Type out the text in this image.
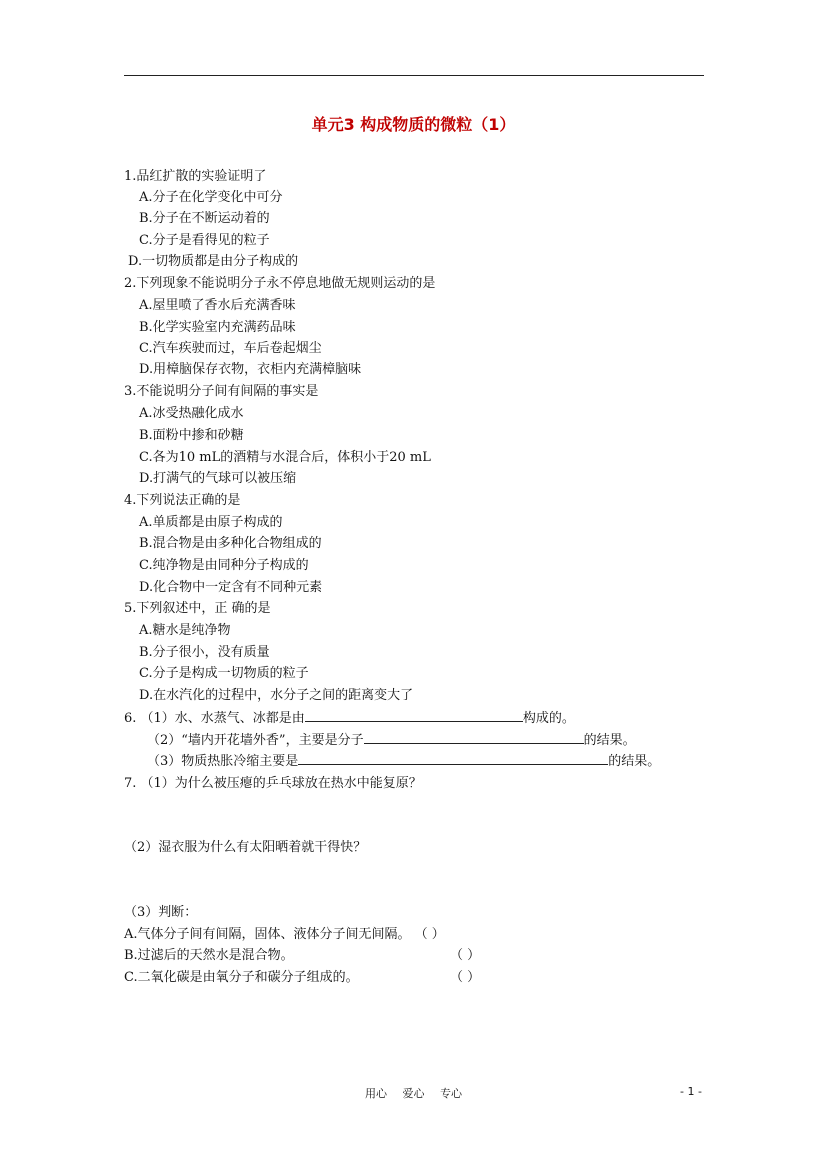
单元3 构成物质的微粒（1）
1.品红扩散的实验证明了
A.分子在化学变化中可分
B.分子在不断运动着的
C.分子是看得见的粒子
D.一切物质都是由分子构成的
2.下列现象不能说明分子永不停息地做无规则运动的是
A.屋里喷了香水后充满香味
B.化学实验室内充满药品味
C.汽车疾驶而过，车后卷起烟尘
D.用樟脑保存衣物，衣柜内充满樟脑味
3.不能说明分子间有间隔的事实是
A.冰受热融化成水
B.面粉中掺和砂糖
C.各为10 mL的酒精与水混合后，体积小于20 mL
D.打满气的气球可以被压缩
4.下列说法正确的是
A.单质都是由原子构成的
B.混合物是由多种化合物组成的
C.纯净物是由同种分子构成的
D.化合物中一定含有不同种元素
5.下列叙述中，正 确的是
A.糖水是纯净物
B.分子很小，没有质量
C.分子是构成一切物质的粒子
D.在水汽化的过程中，水分子之间的距离变大了
6. （1）水、水蒸气、冰都是由	构成的。
（2）“墙内开花墙外香”，主要是分子	的结果。
（3）物质热胀冷缩主要是	的结果。
7. （1）为什么被压瘪的乒乓球放在热水中能复原？
（2）湿衣服为什么有太阳晒着就干得快？
（3）判断：
A.气体分子间有间隔，固体、液体分子间无间隔。 （ ）
B.过滤后的天然水是混合物。	（ ）
C.二氧化碳是由氧分子和碳分子组成的。	（ ）
用心 爱心 专心	- 1 -
